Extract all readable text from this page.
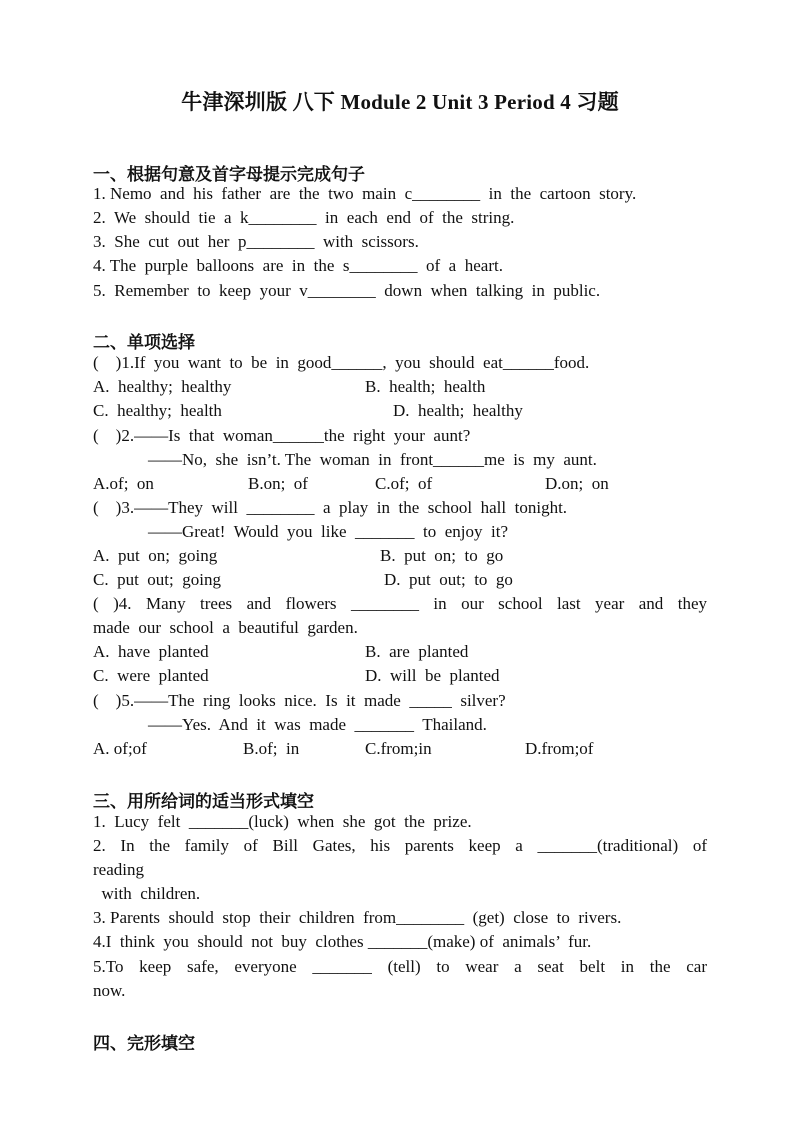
牛津深圳版 八下 Module 2 Unit 3 Period 4 习题
一、根据句意及首字母提示完成句子
1. Nemo  and  his  father  are  the  two  main  c________  in  the  cartoon  story.
2.  We  should  tie  a  k________  in  each  end  of  the  string.
3.  She  cut  out  her  p________  with  scissors.
4. The  purple  balloons  are  in  the  s________  of  a  heart.
5.  Remember  to  keep  your  v________  down  when  talking  in  public.
二、单项选择
(    )1.If  you  want  to  be  in  good______,  you  should  eat______food.
A.  healthy;  healthy	B.  health;  health
C.  healthy;  health	D.  health;  healthy
(    )2.——Is  that  woman______the  right  your  aunt?
——No,  she  isn’t. The  woman  in  front______me  is  my  aunt.
A.of;  on	B.on;  of	C.of;  of	D.on;  on
(    )3.——They  will  ________  a  play  in  the  school  hall  tonight.
——Great!  Would  you  like  _______  to  enjoy  it?
A.  put  on;  going	B.  put  on;  to  go
C.  put  out;  going	D.  put  out;  to  go
( )4. Many trees and flowers ________ in our school last year and they
made  our  school  a  beautiful  garden.
A.  have  planted	B.  are  planted
C.  were  planted	D.  will  be  planted
(    )5.——The  ring  looks  nice.  Is  it  made  _____  silver?
——Yes.  And  it  was  made  _______  Thailand.
A. of;of	B.of;  in	C.from;in	D.from;of
三、用所给词的适当形式填空
1.  Lucy  felt  _______(luck)  when  she  got  the  prize.
2. In the family of Bill Gates, his parents keep a _______(traditional) of
reading
with  children.
3. Parents  should  stop  their  children  from________  (get)  close  to  rivers.
4.I  think  you  should  not  buy  clothes _______(make) of  animals’  fur.
5.To keep safe, everyone _______ (tell) to wear a seat belt in the car
now.
四、完形填空
